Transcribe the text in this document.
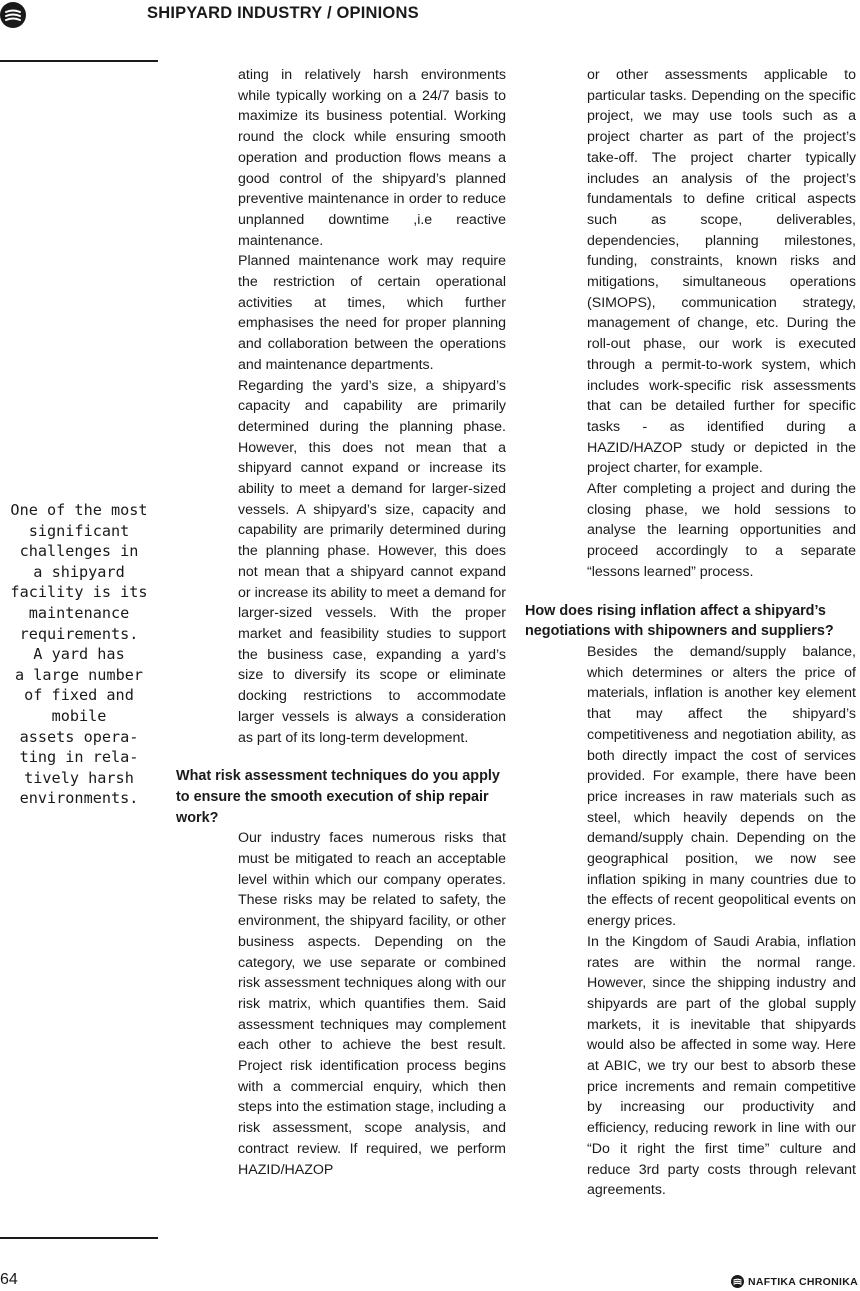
SHIPYARD INDUSTRY / OPINIONS
One of the most
significant
challenges in
a shipyard
facility is its
maintenance
requirements.
A yard has
a large number
of fixed and
mobile
assets opera-
ting in rela-
tively harsh
environments.

ating in relatively harsh environments while typically working on a 24/7 basis to maximize its business potential. Working round the clock while ensuring smooth operation and production flows means a good control of the shipyard’s planned preventive maintenance in order to reduce unplanned downtime ,i.e reactive maintenance.

Planned maintenance work may require the restriction of certain operational activities at times, which further emphasises the need for proper planning and collaboration between the operations and maintenance departments.

Regarding the yard’s size, a shipyard’s capacity and capability are primarily determined during the planning phase. However, this does not mean that a shipyard cannot expand or increase its ability to meet a demand for larger-sized vessels. A shipyard’s size, capacity and capability are primarily determined during the planning phase. However, this does not mean that a shipyard cannot expand or increase its ability to meet a demand for larger-sized vessels. With the proper market and feasibility studies to support the business case, expanding a yard’s size to diversify its scope or eliminate docking restrictions to accommodate larger vessels is always a consideration as part of its long-term development.

What risk assessment techniques do you apply to ensure the smooth execution of ship repair work?

Our industry faces numerous risks that must be mitigated to reach an acceptable level within which our company operates. These risks may be related to safety, the environment, the shipyard facility, or other business aspects. Depending on the category, we use separate or combined risk assessment techniques along with our risk matrix, which quantifies them. Said assessment techniques may complement each other to achieve the best result. Project risk identification process begins with a commercial enquiry, which then steps into the estimation stage, including a risk assessment, scope analysis, and contract review. If required, we perform HAZID/HAZOP

or other assessments applicable to particular tasks. Depending on the specific project, we may use tools such as a project charter as part of the project’s take-off. The project charter typically includes an analysis of the project’s fundamentals to define critical aspects such as scope, deliverables, dependencies, planning milestones, funding, constraints, known risks and mitigations, simultaneous operations (SIMOPS), communication strategy, management of change, etc. During the roll-out phase, our work is executed through a permit-to-work system, which includes work-specific risk assessments that can be detailed further for specific tasks - as identified during a HAZID/HAZOP study or depicted in the project charter, for example.

After completing a project and during the closing phase, we hold sessions to analyse the learning opportunities and proceed accordingly to a separate “lessons learned” process.

How does rising inflation affect a shipyard’s negotiations with shipowners and suppliers?

Besides the demand/supply balance, which determines or alters the price of materials, inflation is another key element that may affect the shipyard’s competitiveness and negotiation ability, as both directly impact the cost of services provided. For example, there have been price increases in raw materials such as steel, which heavily depends on the demand/supply chain. Depending on the geographical position, we now see inflation spiking in many countries due to the effects of recent geopolitical events on energy prices.

In the Kingdom of Saudi Arabia, inflation rates are within the normal range. However, since the shipping industry and shipyards are part of the global supply markets, it is inevitable that shipyards would also be affected in some way. Here at ABIC, we try our best to absorb these price increments and remain competitive by increasing our productivity and efficiency, reducing rework in line with our “Do it right the first time” culture and reduce 3rd party costs through relevant agreements.

64	NAFTIKA CHRONIKA
